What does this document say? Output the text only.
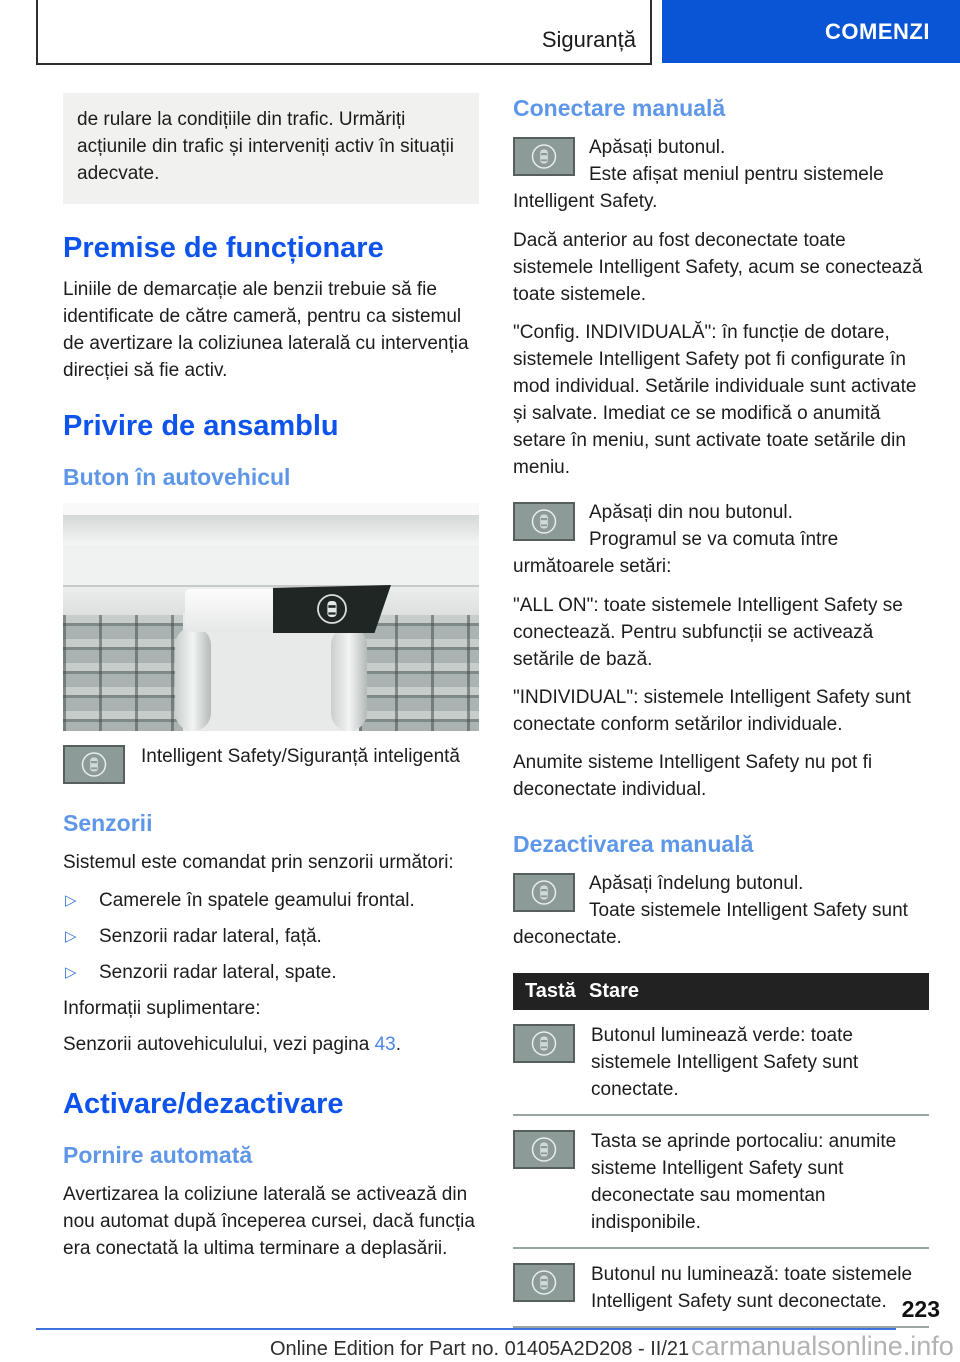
Siguranță	COMENZI

de rulare la condițiile din trafic. Urmăriți acțiunile din trafic și interveniți activ în situații adecvate.

Premise de funcționare

Liniile de demarcație ale benzii trebuie să fie identificate de către cameră, pentru ca sistemul de avertizare la coliziunea laterală cu intervenția direcției să fie activ.

Privire de ansamblu
Buton în autovehicul
Intelligent Safety/Siguranță inteligentă
Senzorii

Sistemul este comandat prin senzorii următori:

▷	Camerele în spatele geamului frontal.
▷	Senzorii radar lateral, față.
▷	Senzorii radar lateral, spate.

Informații suplimentare:

Senzorii autovehiculului, vezi pagina 43.

Activare/dezactivare
Pornire automată

Avertizarea la coliziune laterală se activează din nou automat după începerea cursei, dacă funcția era conectată la ultima terminare a deplasării.

Conectare manuală

Apăsați butonul.

Este afișat meniul pentru sistemele Intelligent Safety.

Dacă anterior au fost deconectate toate sistemele Intelligent Safety, acum se conectează toate sistemele.

"Config. INDIVIDUALĂ": în funcție de dotare, sistemele Intelligent Safety pot fi configurate în mod individual. Setările individuale sunt activate și salvate. Imediat ce se modifică o anumită setare în meniu, sunt activate toate setările din meniu.

Apăsați din nou butonul.

Programul se va comuta între următoarele setări:

"ALL ON": toate sistemele Intelligent Safety se conectează. Pentru subfuncții se activează setările de bază.

"INDIVIDUAL": sistemele Intelligent Safety sunt conectate conform setărilor individuale.

Anumite sisteme Intelligent Safety nu pot fi deconectate individual.

Dezactivarea manuală

Apăsați îndelung butonul.

Toate sistemele Intelligent Safety sunt deconectate.

Tastă Stare
Butonul luminează verde: toate sistemele Intelligent Safety sunt conectate.
Tasta se aprinde portocaliu: anumite sisteme Intelligent Safety sunt deconectate sau momentan indisponibile.
Butonul nu luminează: toate sistemele Intelligent Safety sunt deconectate. 223
Online Edition for Part no. 01405A2D208 - II/21 carmanualsonline.info
